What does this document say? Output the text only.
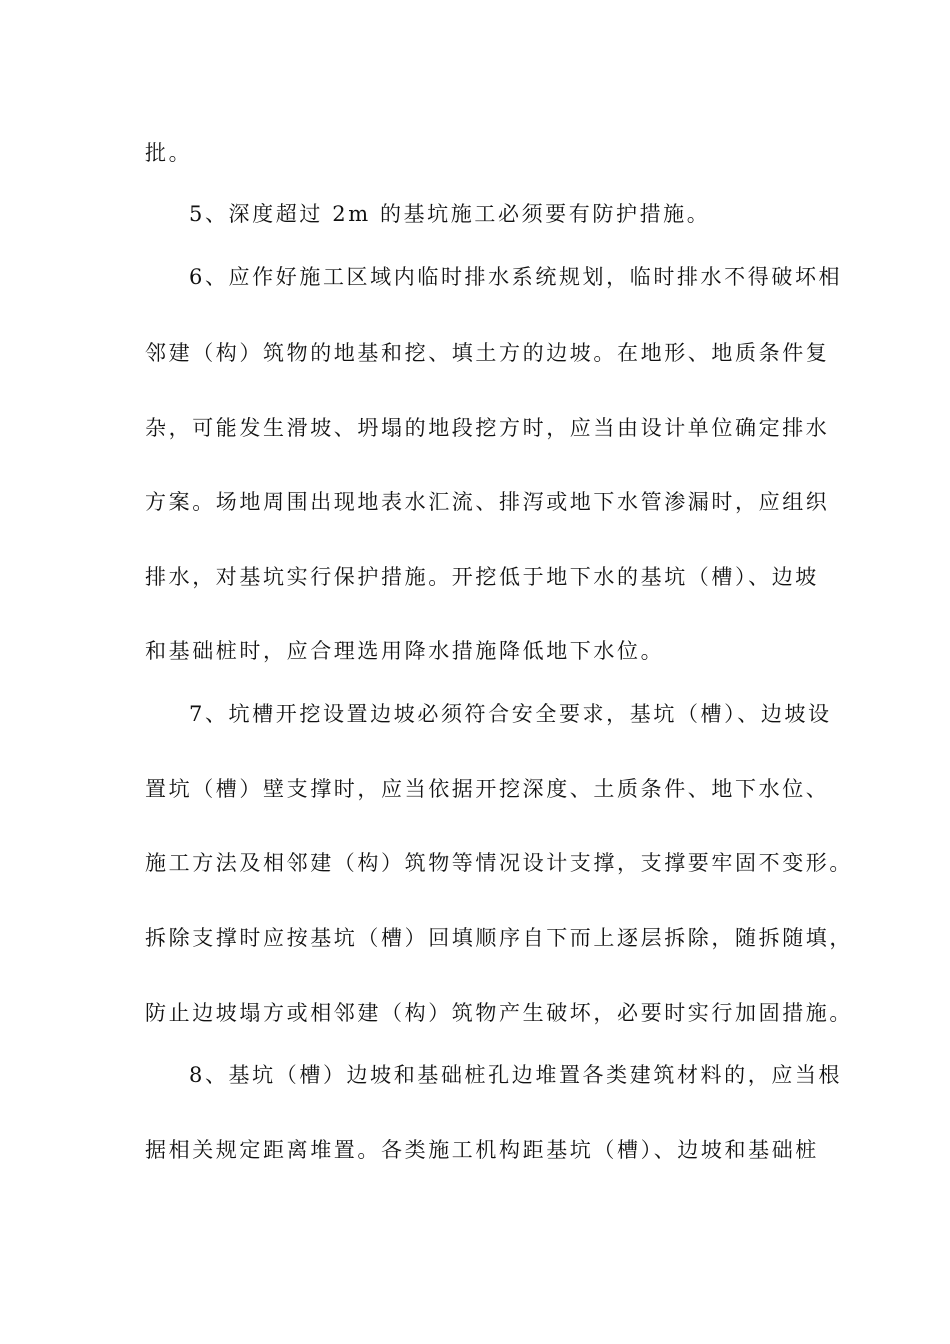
批。
5、深度超过 2m 的基坑施工必须要有防护措施。
6、应作好施工区域内临时排水系统规划，临时排水不得破坏相
邻建（构）筑物的地基和挖、填土方的边坡。在地形、地质条件复
杂，可能发生滑坡、坍塌的地段挖方时，应当由设计单位确定排水
方案。场地周围出现地表水汇流、排泻或地下水管渗漏时，应组织
排水，对基坑实行保护措施。开挖低于地下水的基坑（槽）、边坡
和基础桩时，应合理选用降水措施降低地下水位。
7、坑槽开挖设置边坡必须符合安全要求，基坑（槽）、边坡设
置坑（槽）壁支撑时，应当依据开挖深度、土质条件、地下水位、
施工方法及相邻建（构）筑物等情况设计支撑，支撑要牢固不变形。
拆除支撑时应按基坑（槽）回填顺序自下而上逐层拆除，随拆随填，
防止边坡塌方或相邻建（构）筑物产生破坏，必要时实行加固措施。
8、基坑（槽）边坡和基础桩孔边堆置各类建筑材料的，应当根
据相关规定距离堆置。各类施工机构距基坑（槽）、边坡和基础桩
